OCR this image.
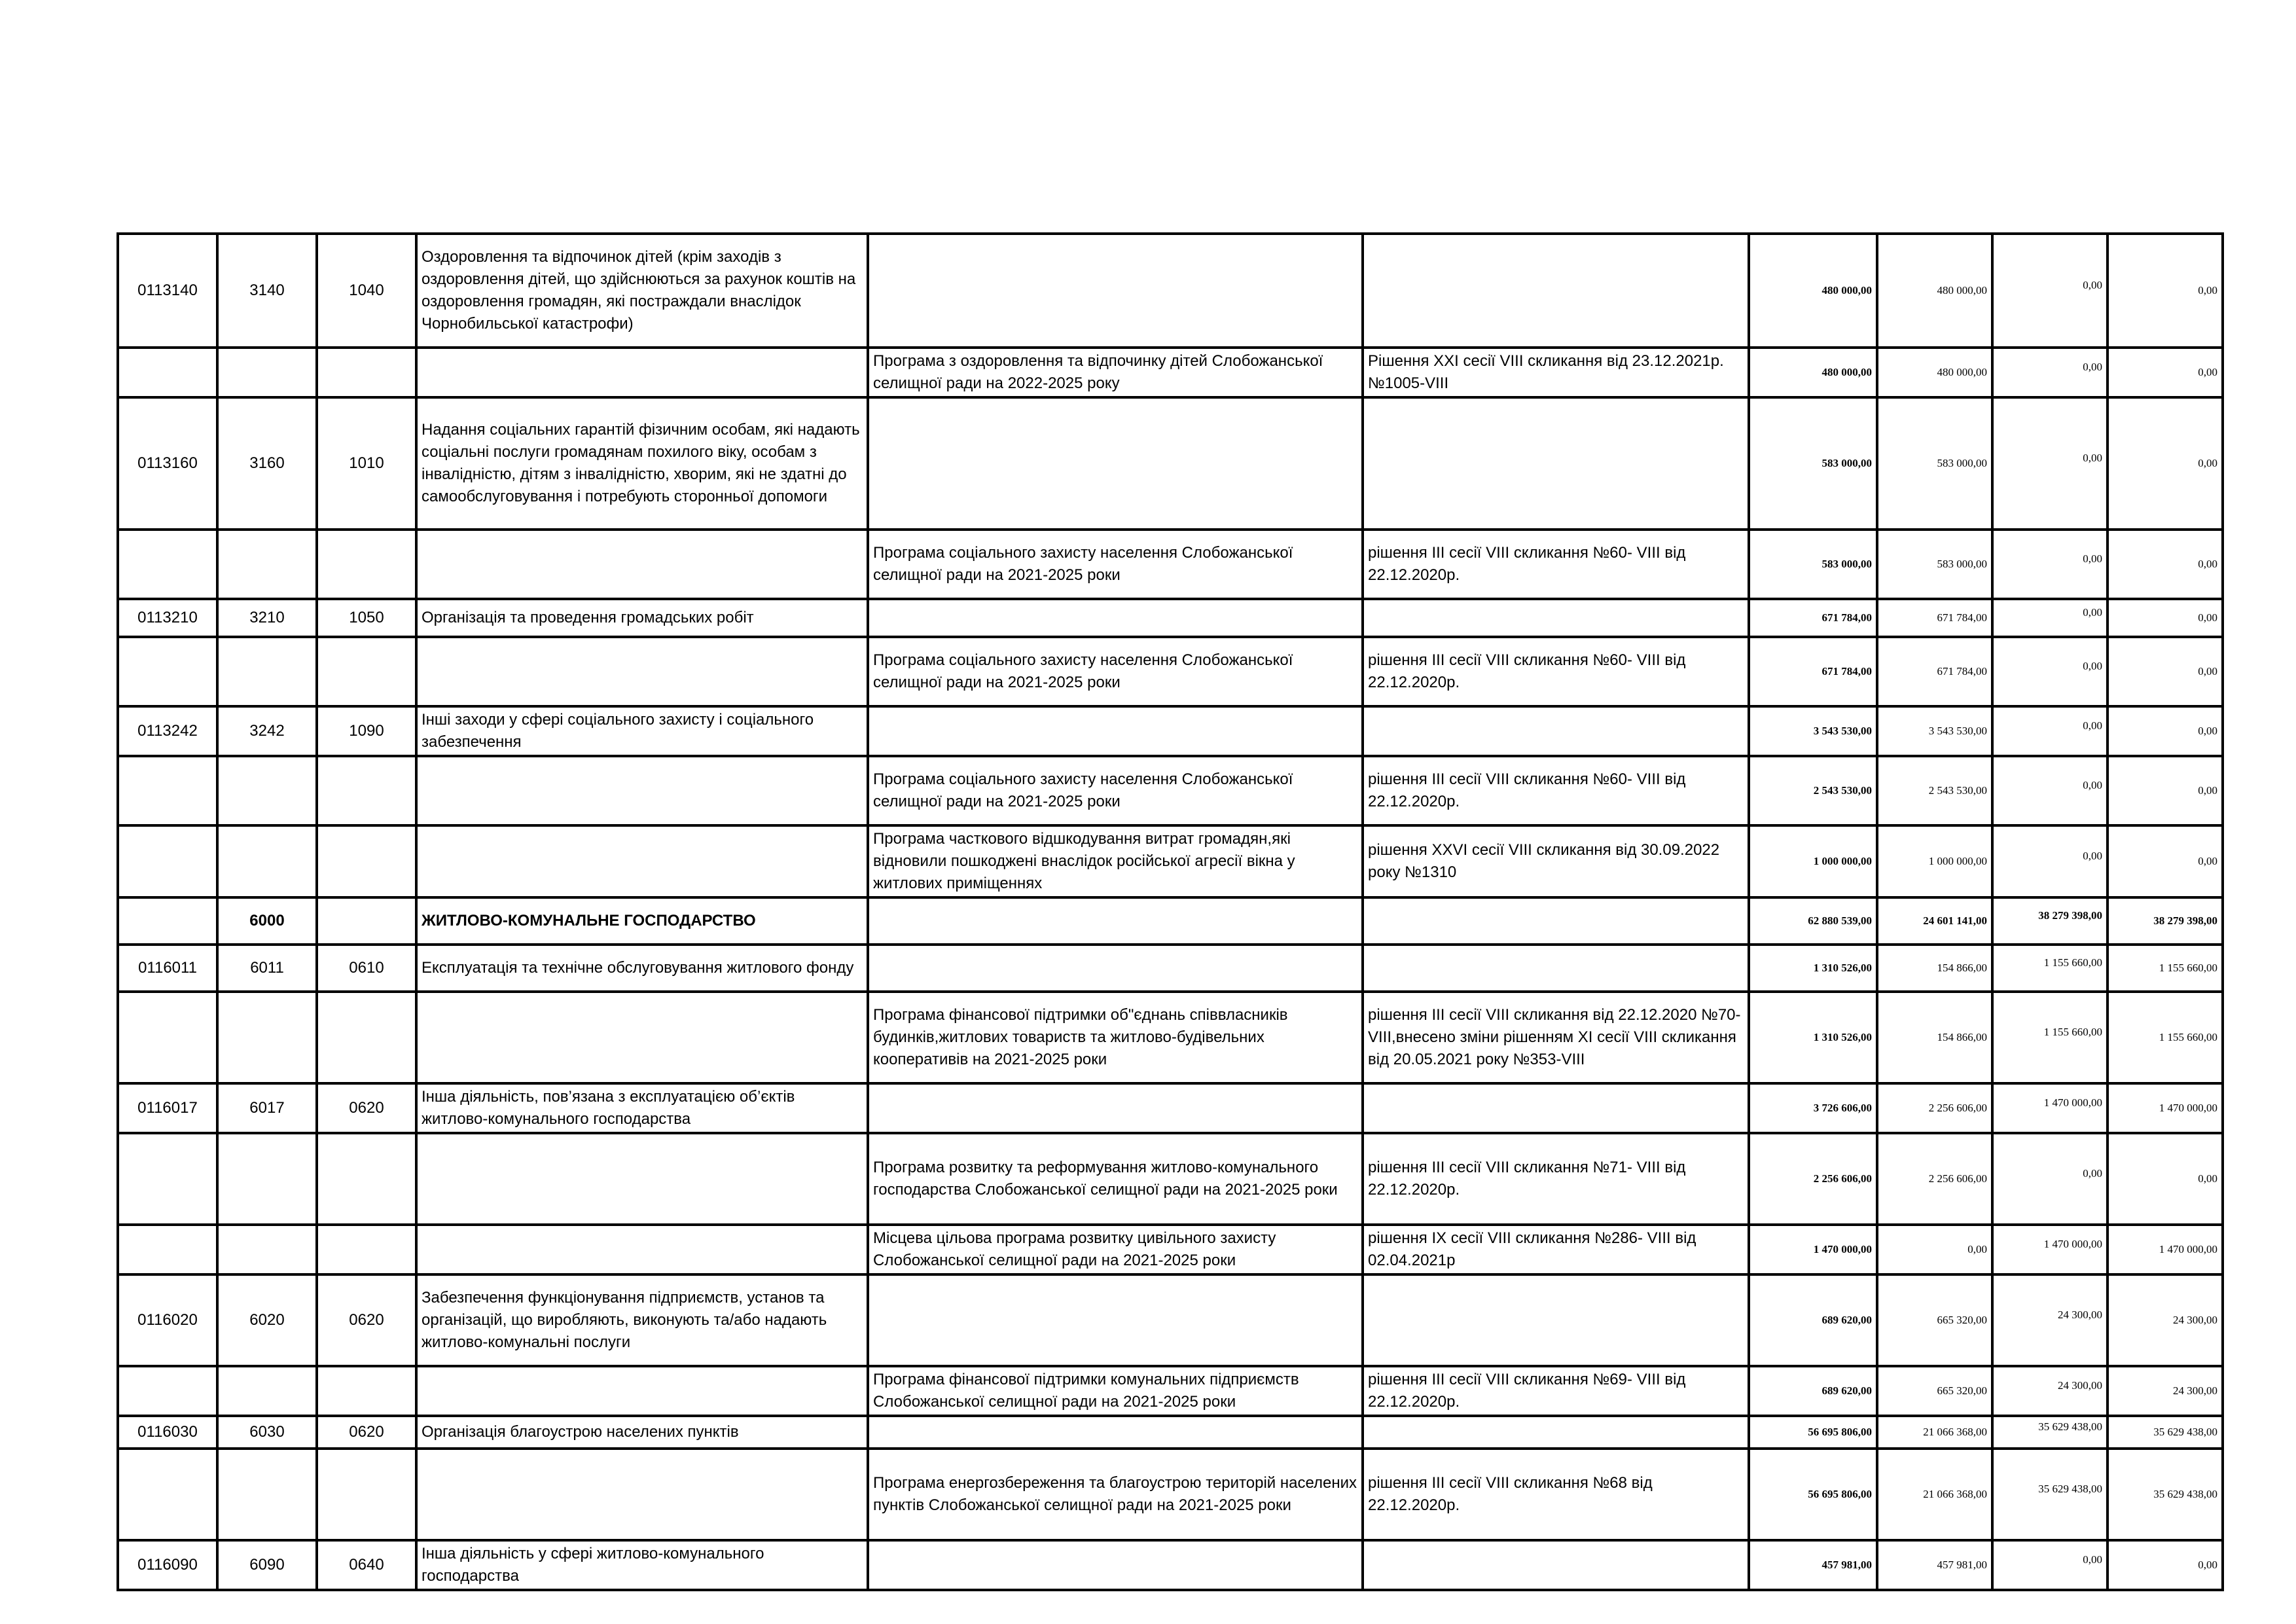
0113140	3140	1040	Оздоровлення та відпочинок дітей (крім заходів з оздоровлення дітей, що здійснюються за рахунок коштів на оздоровлення громадян, які постраждали внаслідок Чорнобильської катастрофи)			480 000,00	480 000,00	0,00	0,00
				Програма з оздоровлення та відпочинку дітей Слобожанської селищної ради на 2022-2025 року	Рішення XXI сесії VIII скликання від 23.12.2021р. №1005-VIII	480 000,00	480 000,00	0,00	0,00
0113160	3160	1010	Надання соціальних гарантій фізичним особам, які надають соціальні послуги громадянам похилого віку, особам з інвалідністю, дітям з інвалідністю, хворим, які не здатні до самообслуговування і потребують сторонньої допомоги			583 000,00	583 000,00	0,00	0,00
				Програма соціального захисту населення Слобожанської селищної ради на 2021-2025 роки	рішення III сесії VIII скликання №60- VIII від 22.12.2020р.	583 000,00	583 000,00	0,00	0,00
0113210	3210	1050	Організація та проведення громадських робіт			671 784,00	671 784,00	0,00	0,00
				Програма соціального захисту населення Слобожанської селищної ради на 2021-2025 роки	рішення III сесії VIII скликання №60- VIII від 22.12.2020р.	671 784,00	671 784,00	0,00	0,00
0113242	3242	1090	Інші заходи у сфері соціального захисту і соціального забезпечення			3 543 530,00	3 543 530,00	0,00	0,00
				Програма соціального захисту населення Слобожанської селищної ради на 2021-2025 роки	рішення III сесії VIII скликання №60- VIII від 22.12.2020р.	2 543 530,00	2 543 530,00	0,00	0,00
				Програма часткового відшкодування витрат громадян,які відновили пошкоджені внаслідок російської агресії вікна у житлових приміщеннях	рішення XXVI сесії VIII скликання від 30.09.2022 року №1310	1 000 000,00	1 000 000,00	0,00	0,00
	6000		ЖИТЛОВО-КОМУНАЛЬНЕ ГОСПОДАРСТВО			62 880 539,00	24 601 141,00	38 279 398,00	38 279 398,00
0116011	6011	0610	Експлуатація та технічне обслуговування житлового фонду			1 310 526,00	154 866,00	1 155 660,00	1 155 660,00
				Програма фінансової підтримки об"єднань співвласників будинків,житлових товариств та житлово-будівельних кооперативів на 2021-2025 роки	рішення III сесії VIII скликання від 22.12.2020 №70-VIII,внесено зміни рішенням XI сесії VIII скликання від 20.05.2021 року №353-VIII	1 310 526,00	154 866,00	1 155 660,00	1 155 660,00
0116017	6017	0620	Інша діяльність, пов’язана з експлуатацією об’єктів житлово-комунального господарства			3 726 606,00	2 256 606,00	1 470 000,00	1 470 000,00
				Програма розвитку та реформування житлово-комунального господарства Слобожанської селищної ради на 2021-2025 роки	рішення III сесії VIII скликання №71- VIII від 22.12.2020р.	2 256 606,00	2 256 606,00	0,00	0,00
				Місцева цільова програма розвитку цивільного захисту Слобожанської селищної ради на 2021-2025 роки	рішення IX сесії VIII скликання №286- VIII від 02.04.2021р	1 470 000,00	0,00	1 470 000,00	1 470 000,00
0116020	6020	0620	Забезпечення функціонування підприємств, установ та організацій, що виробляють, виконують та/або надають житлово-комунальні послуги			689 620,00	665 320,00	24 300,00	24 300,00
				Програма фінансової підтримки комунальних підприємств Слобожанської селищної ради на 2021-2025 роки	рішення III сесії VIII скликання №69- VIII від 22.12.2020р.	689 620,00	665 320,00	24 300,00	24 300,00
0116030	6030	0620	Організація благоустрою населених пунктів			56 695 806,00	21 066 368,00	35 629 438,00	35 629 438,00
				Програма енергозбереження та благоустрою територій населених пунктів Слобожанської селищної ради на 2021-2025 роки	рішення III сесії VIII скликання №68 від 22.12.2020р.	56 695 806,00	21 066 368,00	35 629 438,00	35 629 438,00
0116090	6090	0640	Інша діяльність у сфері житлово-комунального господарства			457 981,00	457 981,00	0,00	0,00
